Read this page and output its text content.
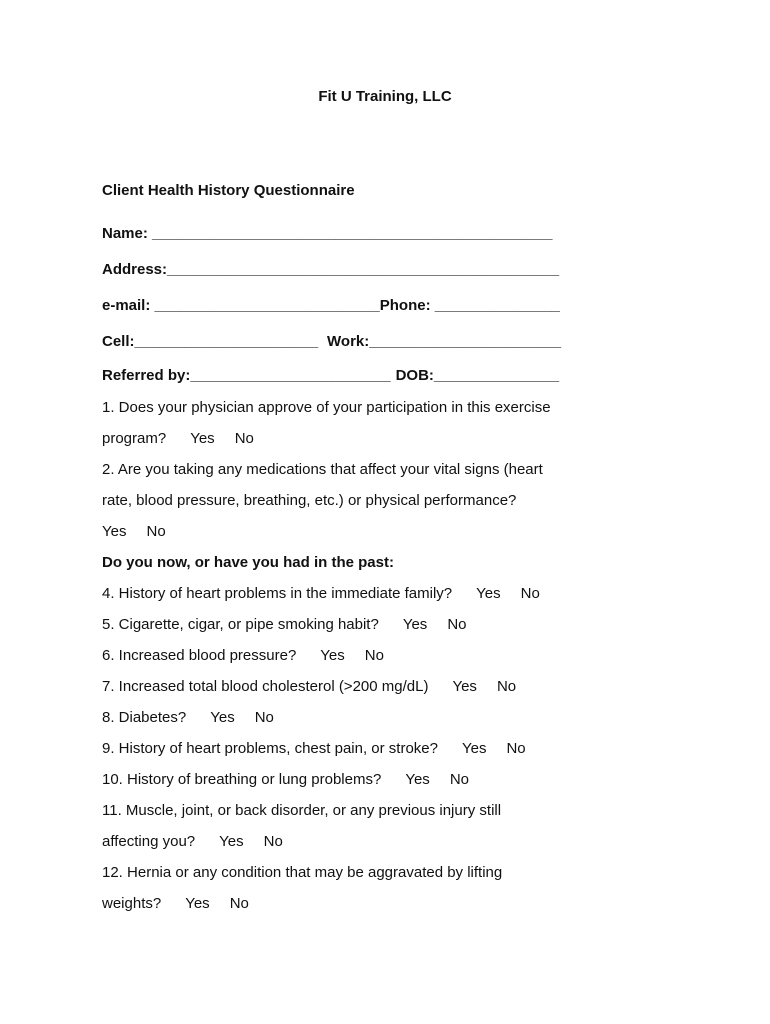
Fit U Training, LLC
Client Health History Questionnaire
Name: ________________________________________________
Address:_______________________________________________
e-mail: ___________________________Phone: _______________
Cell:______________________ Work:_______________________
Referred by:________________________ DOB:_______________
1. Does your physician approve of your participation in this exercise
program? Yes No
2. Are you taking any medications that affect your vital signs (heart
rate, blood pressure, breathing, etc.) or physical performance?
Yes No
Do you now, or have you had in the past:
4. History of heart problems in the immediate family? Yes No
5. Cigarette, cigar, or pipe smoking habit? Yes No
6. Increased blood pressure? Yes No
7. Increased total blood cholesterol (>200 mg/dL) Yes No
8. Diabetes? Yes No
9. History of heart problems, chest pain, or stroke? Yes No
10. History of breathing or lung problems? Yes No
11. Muscle, joint, or back disorder, or any previous injury still
affecting you? Yes No
12. Hernia or any condition that may be aggravated by lifting
weights? Yes No
